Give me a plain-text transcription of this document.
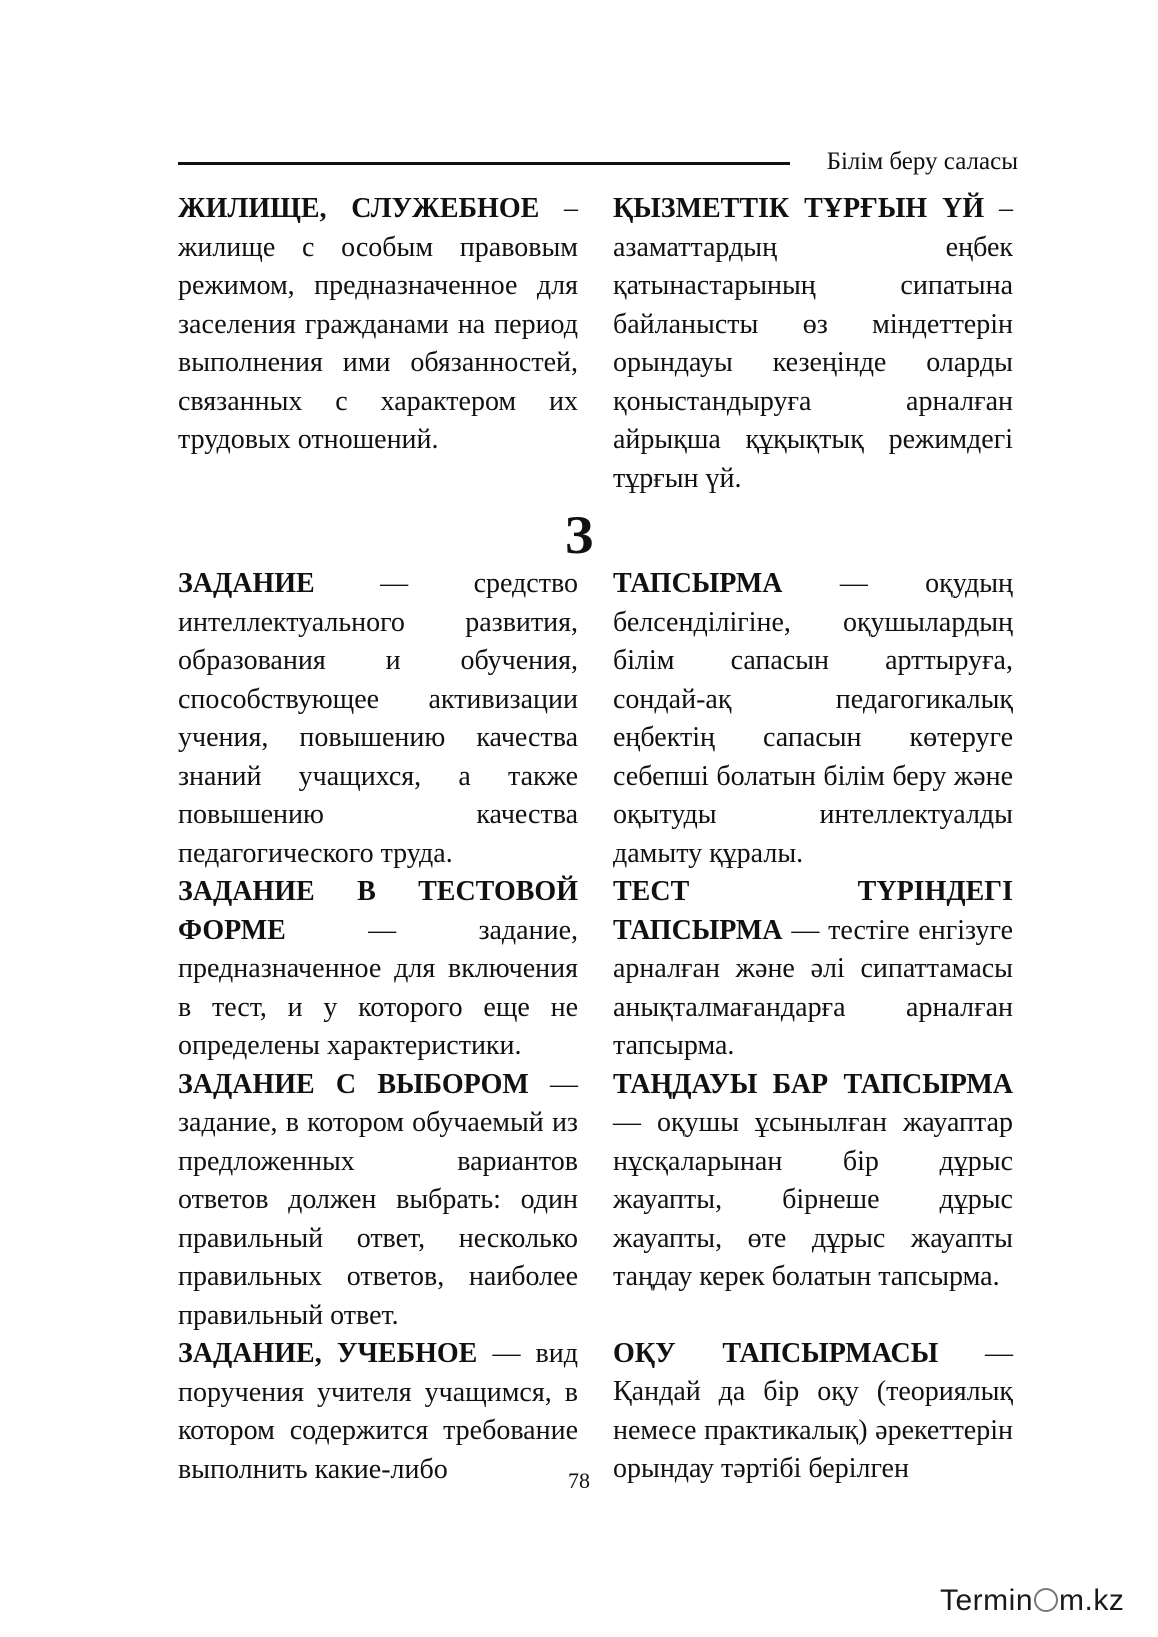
Білім беру саласы

ЖИЛИЩЕ, СЛУЖЕБНОЕ – жилище с особым правовым режимом, предназначенное для заселения гражданами на период выполнения ими обязанностей, связанных с характером их трудовых отношений.

ҚЫЗМЕТТІК ТҰРҒЫН ҮЙ – азаматтардың еңбек қатынастарының сипатына байланысты өз міндеттерін орындауы кезеңінде оларды қоныстандыруға арналған айрықша құқықтық режимдегі тұрғын үй.

З

ЗАДАНИЕ — средство интеллектуального развития, образования и обучения, способствующее активизации учения, повышению качества знаний учащихся, а также повышению качества педагогического труда.

ЗАДАНИЕ В ТЕСТОВОЙ ФОРМЕ — задание, предназначенное для включения в тест, и у которого еще не определены характеристики.

ЗАДАНИЕ С ВЫБОРОМ — задание, в котором обучаемый из предложенных вариантов ответов должен выбрать: один правильный ответ, несколько правильных ответов, наиболее правильный ответ.

ЗАДАНИЕ, УЧЕБНОЕ — вид поручения учителя учащимся, в котором содержится требование выполнить какие-либо

ТАПСЫРМА — оқудың белсенділігіне, оқушылардың білім сапасын арттыруға, сондай-ақ педагогикалық еңбектің сапасын көтеруге себепші болатын білім беру және оқытуды интеллектуалды дамыту құралы.

ТЕСТ ТҮРІНДЕГІ ТАПСЫРМА — тестіге енгізуге арналған және әлі сипаттамасы анықталмағандарға арналған тапсырма.

ТАҢДАУЫ БАР ТАПСЫРМА — оқушы ұсынылған жауаптар нұсқаларынан бір дұрыс жауапты, бірнеше дұрыс жауапты, өте дұрыс жауапты таңдау керек болатын тапсырма.

ОҚУ ТАПСЫРМАСЫ — Қандай да бір оқу (теориялық немесе практикалық) әрекеттерін орындау тәртібі берілген

78
Termin m.kz
